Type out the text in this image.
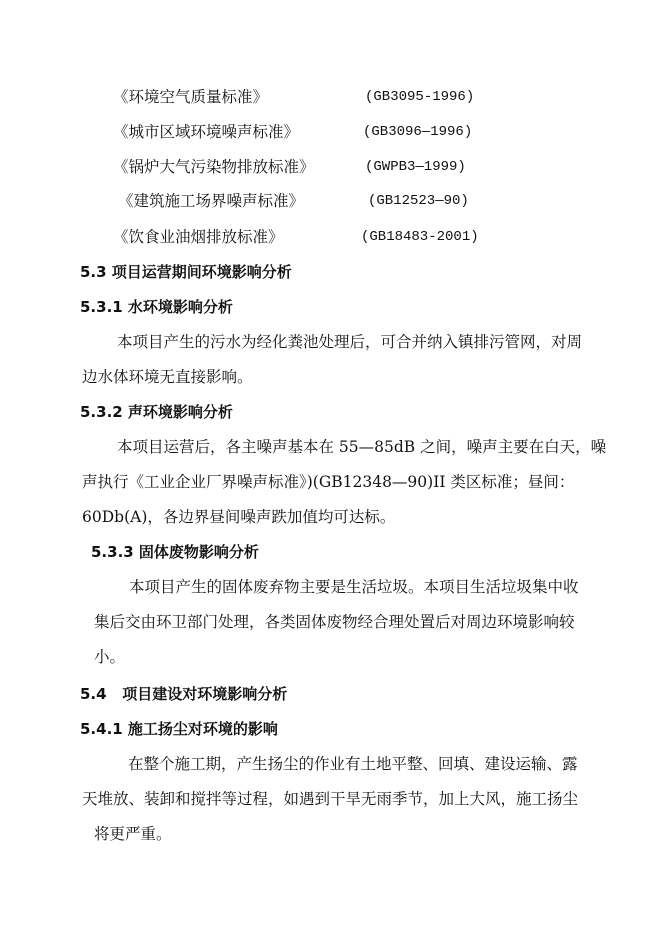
《环境空气质量标准》	(GB3095-1996)
《城市区域环境噪声标准》	(GB3096—1996)
《锅炉大气污染物排放标准》	(GWPB3—1999)
《建筑施工场界噪声标准》	(GB12523—90)
《饮食业油烟排放标准》	(GB18483-2001)
5.3 项目运营期间环境影响分析
5.3.1 水环境影响分析
本项目产生的污水为经化粪池处理后，可合并纳入镇排污管网，对周
边水体环境无直接影响。
5.3.2 声环境影响分析
本项目运营后，各主噪声基本在 55—85dB 之间，噪声主要在白天，噪
声执行《工业企业厂界噪声标准》)(GB12348—90)II 类区标准；昼间：
60Db(A)，各边界昼间噪声跌加值均可达标。
5.3.3 固体废物影响分析
本项目产生的固体废弃物主要是生活垃圾。本项目生活垃圾集中收
集后交由环卫部门处理，各类固体废物经合理处置后对周边环境影响较
小。
5.4   项目建设对环境影响分析
5.4.1 施工扬尘对环境的影响
在整个施工期，产生扬尘的作业有土地平整、回填、建设运输、露
天堆放、装卸和搅拌等过程，如遇到干旱无雨季节，加上大风，施工扬尘
将更严重。
